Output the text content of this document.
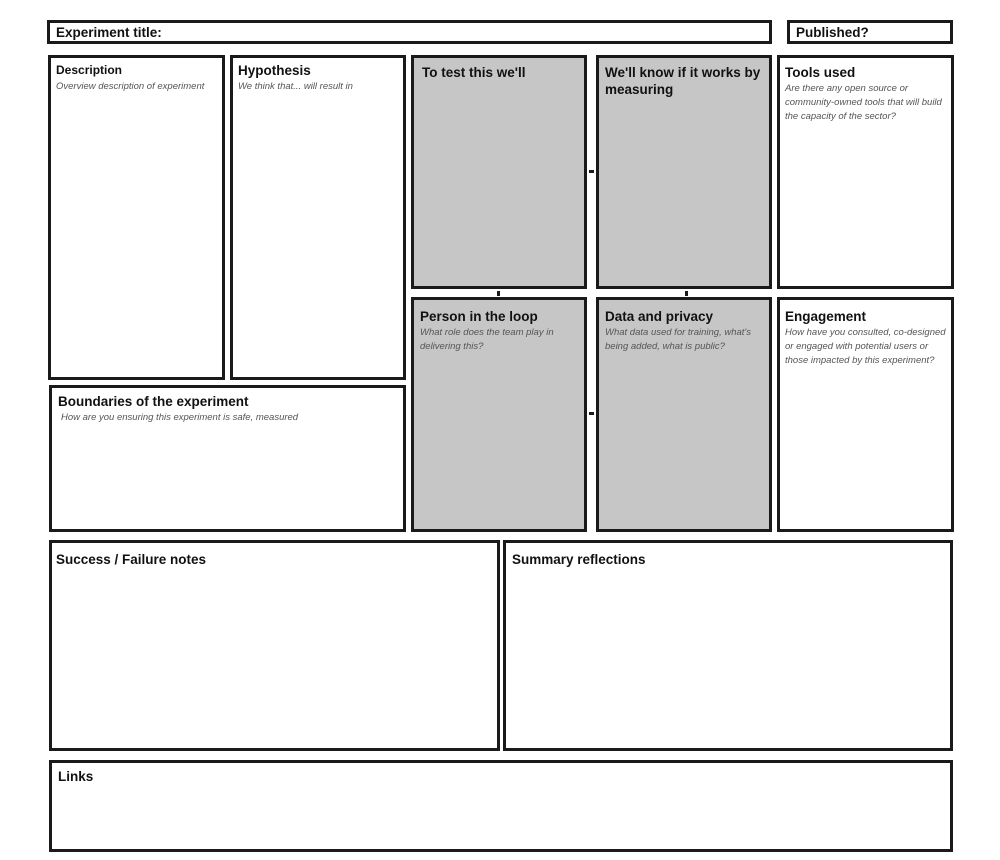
Experiment title:	Published?
Description
Overview description of experiment
Hypothesis
We think that... will result in
To test this we'll	We'll know if it works by measuring
Tools used
Are there any open source or community-owned tools that will build the capacity of the sector?
Person in the loop
What role does the team play in delivering this?
Data and privacy
What data used for training, what's being added, what is public?
Engagement
How have you consulted, co-designed or engaged with potential users or those impacted by this experiment?
Boundaries of the experiment
How are you ensuring this experiment is safe, measured
Success / Failure notes	Summary reflections
Links
